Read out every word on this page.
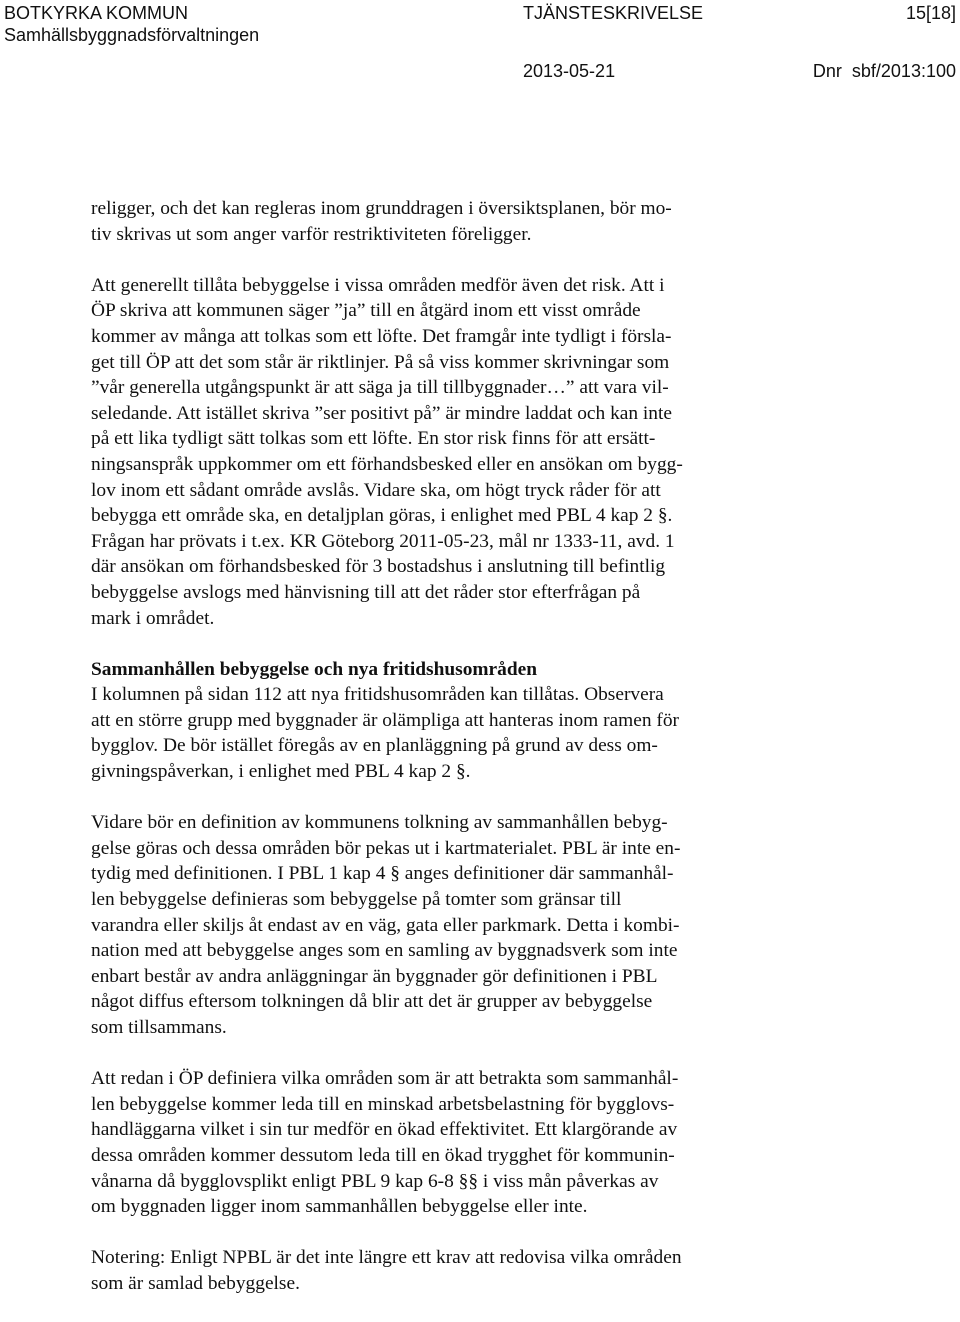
BOTKYRKA KOMMUN
Samhällsbyggnadsförvaltningen
TJÄNSTESKRIVELSE	15[18]
2013-05-21	Dnr  sbf/2013:100

religger, och det kan regleras inom grunddragen i översiktsplanen, bör mo-
tiv skrivas ut som anger varför restriktiviteten föreligger.

Att generellt tillåta bebyggelse i vissa områden medför även det risk. Att i
ÖP skriva att kommunen säger ”ja” till en åtgärd inom ett visst område
kommer av många att tolkas som ett löfte. Det framgår inte tydligt i försla-
get till ÖP att det som står är riktlinjer. På så viss kommer skrivningar som
”vår generella utgångspunkt är att säga ja till tillbyggnader…” att vara vil-
seledande. Att istället skriva ”ser positivt på” är mindre laddat och kan inte
på ett lika tydligt sätt tolkas som ett löfte. En stor risk finns för att ersätt-
ningsanspråk uppkommer om ett förhandsbesked eller en ansökan om bygg-
lov inom ett sådant område avslås. Vidare ska, om högt tryck råder för att
bebygga ett område ska, en detaljplan göras, i enlighet med PBL 4 kap 2 §.
Frågan har prövats i t.ex. KR Göteborg 2011-05-23, mål nr 1333-11, avd. 1
där ansökan om förhandsbesked för 3 bostadshus i anslutning till befintlig
bebyggelse avslogs med hänvisning till att det råder stor efterfrågan på
mark i området.

Sammanhållen bebyggelse och nya fritidshusområden

I kolumnen på sidan 112 att nya fritidshusområden kan tillåtas. Observera
att en större grupp med byggnader är olämpliga att hanteras inom ramen för
bygglov. De bör istället föregås av en planläggning på grund av dess om-
givningspåverkan, i enlighet med PBL 4 kap 2 §.

Vidare bör en definition av kommunens tolkning av sammanhållen bebyg-
gelse göras och dessa områden bör pekas ut i kartmaterialet. PBL är inte en-
tydig med definitionen. I PBL 1 kap 4 § anges definitioner där sammanhål-
len bebyggelse definieras som bebyggelse på tomter som gränsar till
varandra eller skiljs åt endast av en väg, gata eller parkmark. Detta i kombi-
nation med att bebyggelse anges som en samling av byggnadsverk som inte
enbart består av andra anläggningar än byggnader gör definitionen i PBL
något diffus eftersom tolkningen då blir att det är grupper av bebyggelse
som tillsammans.

Att redan i ÖP definiera vilka områden som är att betrakta som sammanhål-
len bebyggelse kommer leda till en minskad arbetsbelastning för bygglovs-
handläggarna vilket i sin tur medför en ökad effektivitet. Ett klargörande av
dessa områden kommer dessutom leda till en ökad trygghet för kommunin-
vånarna då bygglovsplikt enligt PBL 9 kap 6-8 §§ i viss mån påverkas av
om byggnaden ligger inom sammanhållen bebyggelse eller inte.

Notering: Enligt NPBL är det inte längre ett krav att redovisa vilka områden
som är samlad bebyggelse.
